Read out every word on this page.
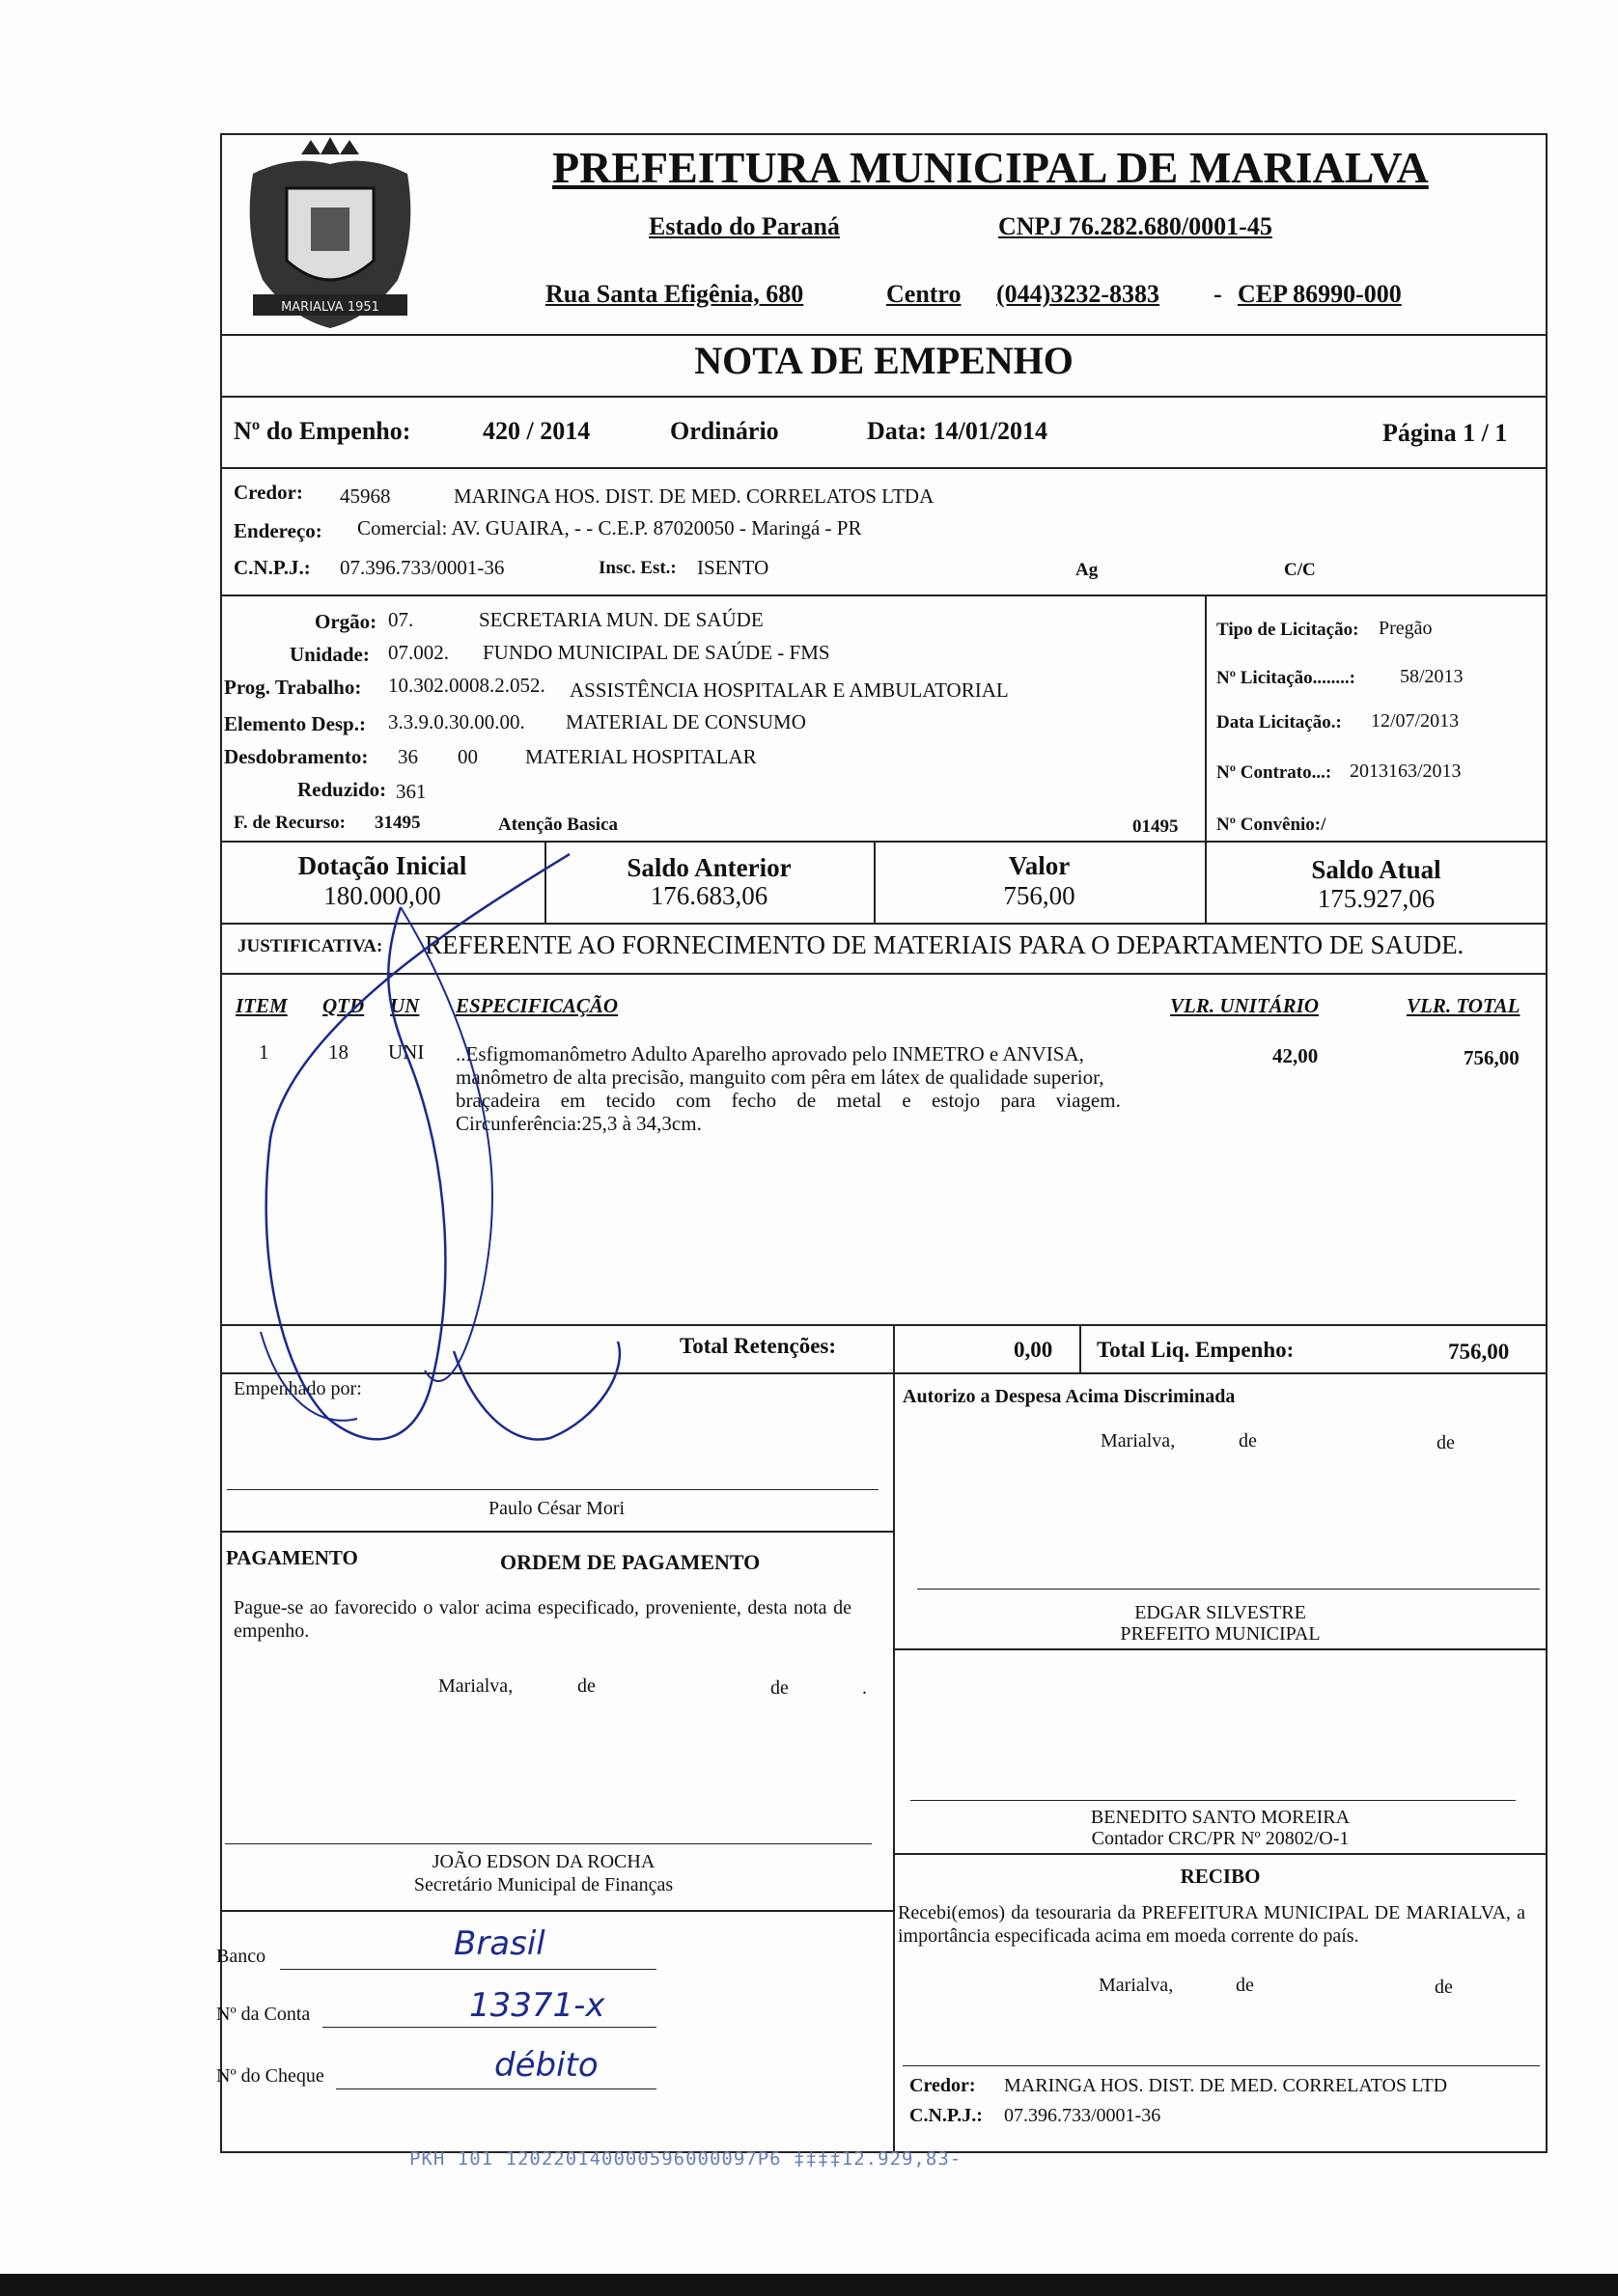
MARIALVA 1951
PREFEITURA MUNICIPAL DE MARIALVA
Estado do Paraná	CNPJ 76.282.680/0001-45
Rua Santa Efigênia, 680	Centro (044)3232-8383 - CEP 86990-000
NOTA DE EMPENHO
Nº do Empenho:	420 / 2014	Ordinário	Data: 14/01/2014	Página 1 / 1
Credor: 45968	MARINGA HOS. DIST. DE MED. CORRELATOS LTDA
Endereço: Comercial: AV. GUAIRA, - - C.E.P. 87020050 - Maringá - PR
C.N.P.J.: 07.396.733/0001-36	Insc. Est.: ISENTO	Ag	C/C
Orgão: 07.	SECRETARIA MUN. DE SAÚDE
Unidade: 07.002. FUNDO MUNICIPAL DE SAÚDE - FMS
Prog. Trabalho: 10.302.0008.2.052. ASSISTÊNCIA HOSPITALAR E AMBULATORIAL
Elemento Desp.: 3.3.9.0.30.00.00. MATERIAL DE CONSUMO
Desdobramento: 36 00 MATERIAL HOSPITALAR
Reduzido: 361
F. de Recurso: 31495	Atenção Basica	01495
Tipo de Licitação: Pregão
Nº Licitação........: 58/2013
Data Licitação.: 12/07/2013
Nº Contrato...: 2013163/2013
Nº Convênio:/
Dotação Inicial
180.000,00
Saldo Anterior
176.683,06
Valor
756,00
Saldo Atual
175.927,06
JUSTIFICATIVA: REFERENTE AO FORNECIMENTO DE MATERIAIS PARA O DEPARTAMENTO DE SAUDE.
ITEM QTD UN ESPECIFICAÇÃO	VLR. UNITÁRIO	VLR. TOTAL
1	18 UNI ..Esfigmomanômetro Adulto Aparelho aprovado pelo INMETRO e ANVISA,
manômetro de alta precisão, manguito com pêra em látex de qualidade superior,
braçadeira em tecido com fecho de metal e estojo para viagem.
Circunferência:25,3 à 34,3cm.
42,00	756,00
Total Retenções:	0,00 Total Liq. Empenho:	756,00
Empenhado por:
Paulo César Mori
Autorizo a Despesa Acima Discriminada
Marialva,	de	de
PAGAMENTO	ORDEM DE PAGAMENTO
Pague-se ao favorecido o valor acima especificado, proveniente, desta nota de empenho.
Marialva,	de	de	.
EDGAR SILVESTRE
PREFEITO MUNICIPAL
BENEDITO SANTO MOREIRA
Contador CRC/PR Nº 20802/O-1
JOÃO EDSON DA ROCHA
Secretário Municipal de Finanças	RECIBO
Recebi(emos) da tesouraria da PREFEITURA MUNICIPAL DE MARIALVA, a importância especificada acima em moeda corrente do país.
Marialva,	de	de
Credor: MARINGA HOS. DIST. DE MED. CORRELATOS LTD
C.N.P.J.: 07.396.733/0001-36
Banco	Brasil
Nº da Conta	13371-x
Nº do Cheque	débito
PKH 101 120220140000596000097P6 ‡‡‡‡12.929,83-
